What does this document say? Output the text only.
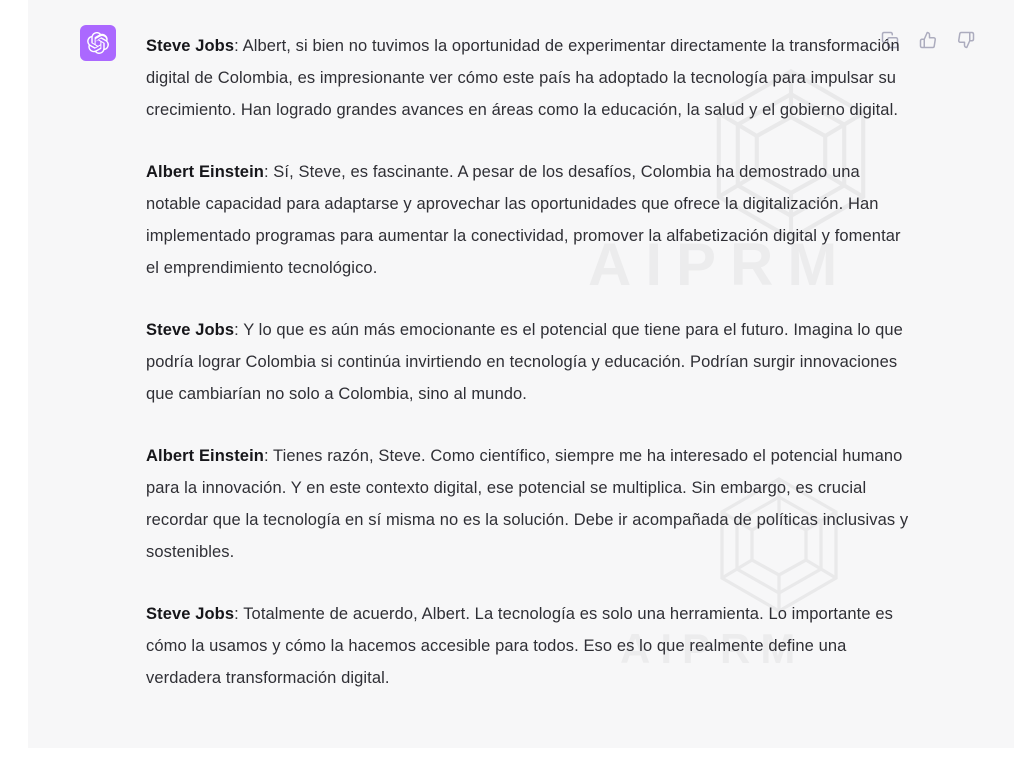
Steve Jobs: Albert, si bien no tuvimos la oportunidad de experimentar directamente la transformación digital de Colombia, es impresionante ver cómo este país ha adoptado la tecnología para impulsar su crecimiento. Han logrado grandes avances en áreas como la educación, la salud y el gobierno digital.

Albert Einstein: Sí, Steve, es fascinante. A pesar de los desafíos, Colombia ha demostrado una notable capacidad para adaptarse y aprovechar las oportunidades que ofrece la digitalización. Han implementado programas para aumentar la conectividad, promover la alfabetización digital y fomentar el emprendimiento tecnológico.

Steve Jobs: Y lo que es aún más emocionante es el potencial que tiene para el futuro. Imagina lo que podría lograr Colombia si continúa invirtiendo en tecnología y educación. Podrían surgir innovaciones que cambiarían no solo a Colombia, sino al mundo.

Albert Einstein: Tienes razón, Steve. Como científico, siempre me ha interesado el potencial humano para la innovación. Y en este contexto digital, ese potencial se multiplica. Sin embargo, es crucial recordar que la tecnología en sí misma no es la solución. Debe ir acompañada de políticas inclusivas y sostenibles.

Steve Jobs: Totalmente de acuerdo, Albert. La tecnología es solo una herramienta. Lo importante es cómo la usamos y cómo la hacemos accesible para todos. Eso es lo que realmente define una verdadera transformación digital.
